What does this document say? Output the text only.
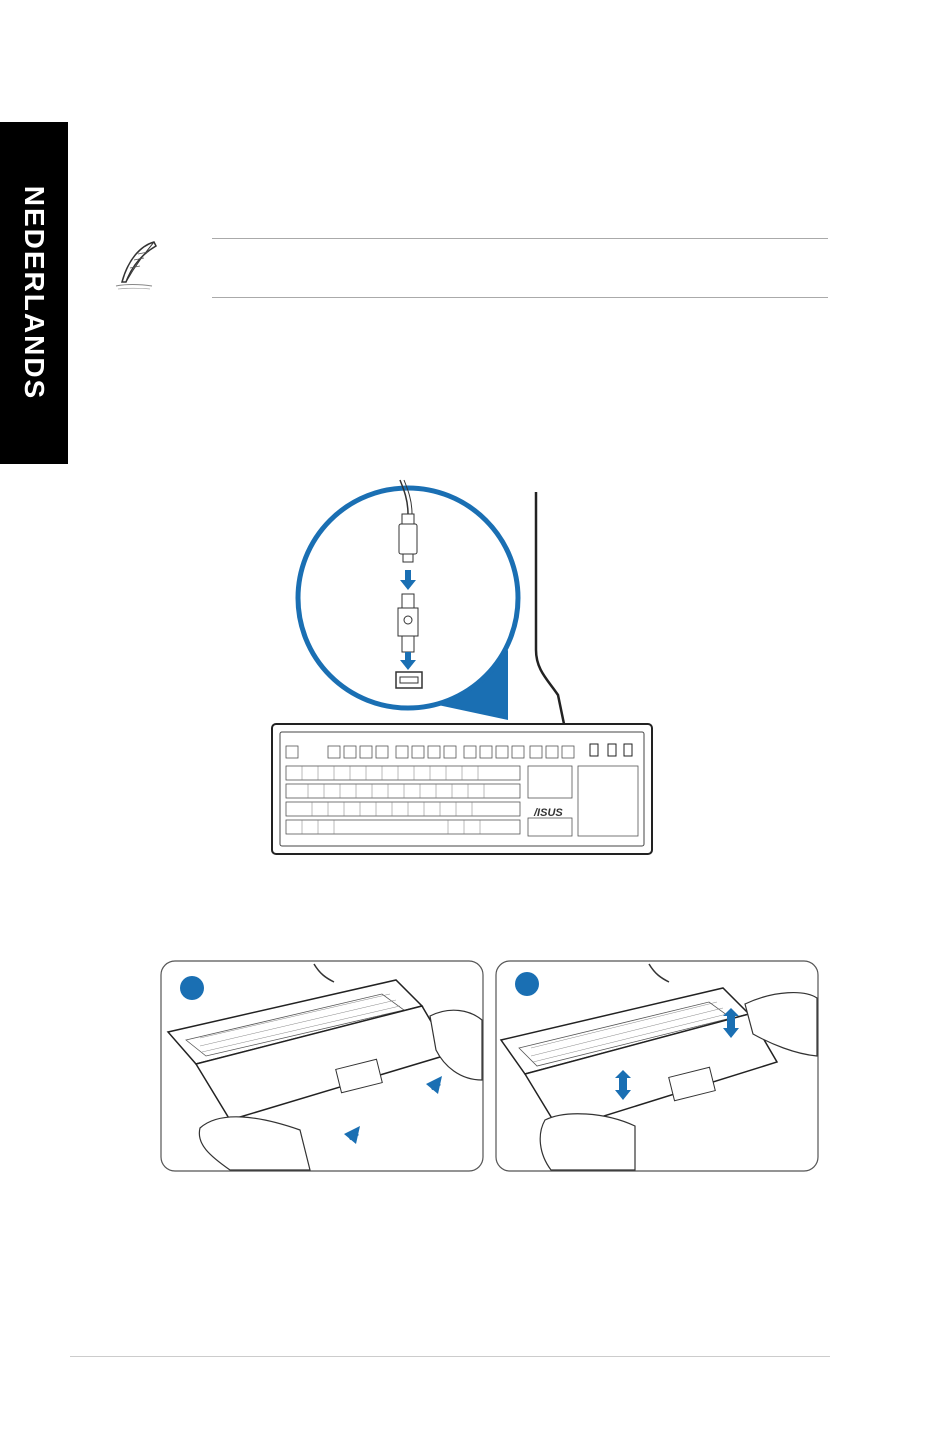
NEDERLANDS
/ISUS
